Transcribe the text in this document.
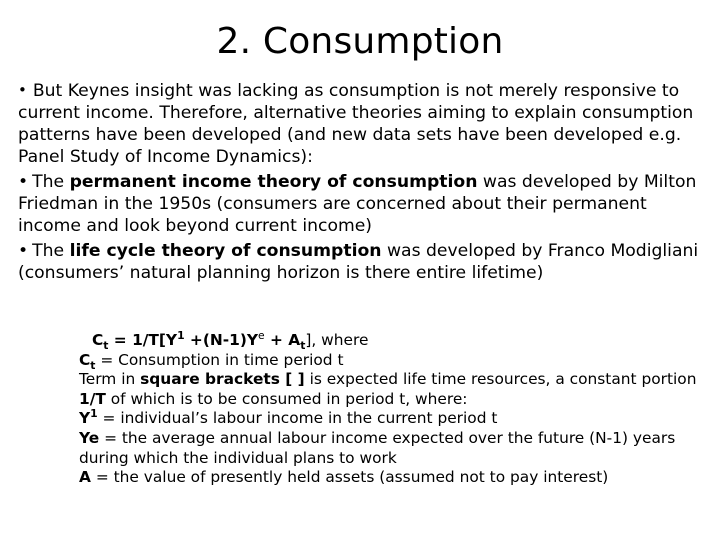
2. Consumption

• But Keynes insight was lacking as consumption is not merely responsive to current income. Therefore, alternative theories aiming to explain consumption patterns have been developed (and new data sets have been developed e.g. Panel Study of Income Dynamics):

• The permanent income theory of consumption was developed by Milton Friedman in the 1950s (consumers are concerned about their permanent income and look beyond current income)

• The life cycle theory of consumption was developed by Franco Modigliani (consumers’ natural planning horizon is there entire lifetime)

$C_t = 1/T[Y^1 +(N-1)Y^e + A_t]$, where

$C_t$ = Consumption in time period t

Term in square brackets [ ] is expected life time resources, a constant portion 1/T of which is to be consumed in period t, where:

$Y^1$ = individual’s labour income in the current period t

Ye = the average annual labour income expected over the future (N-1) years during which the individual plans to work

A = the value of presently held assets (assumed not to pay interest)
